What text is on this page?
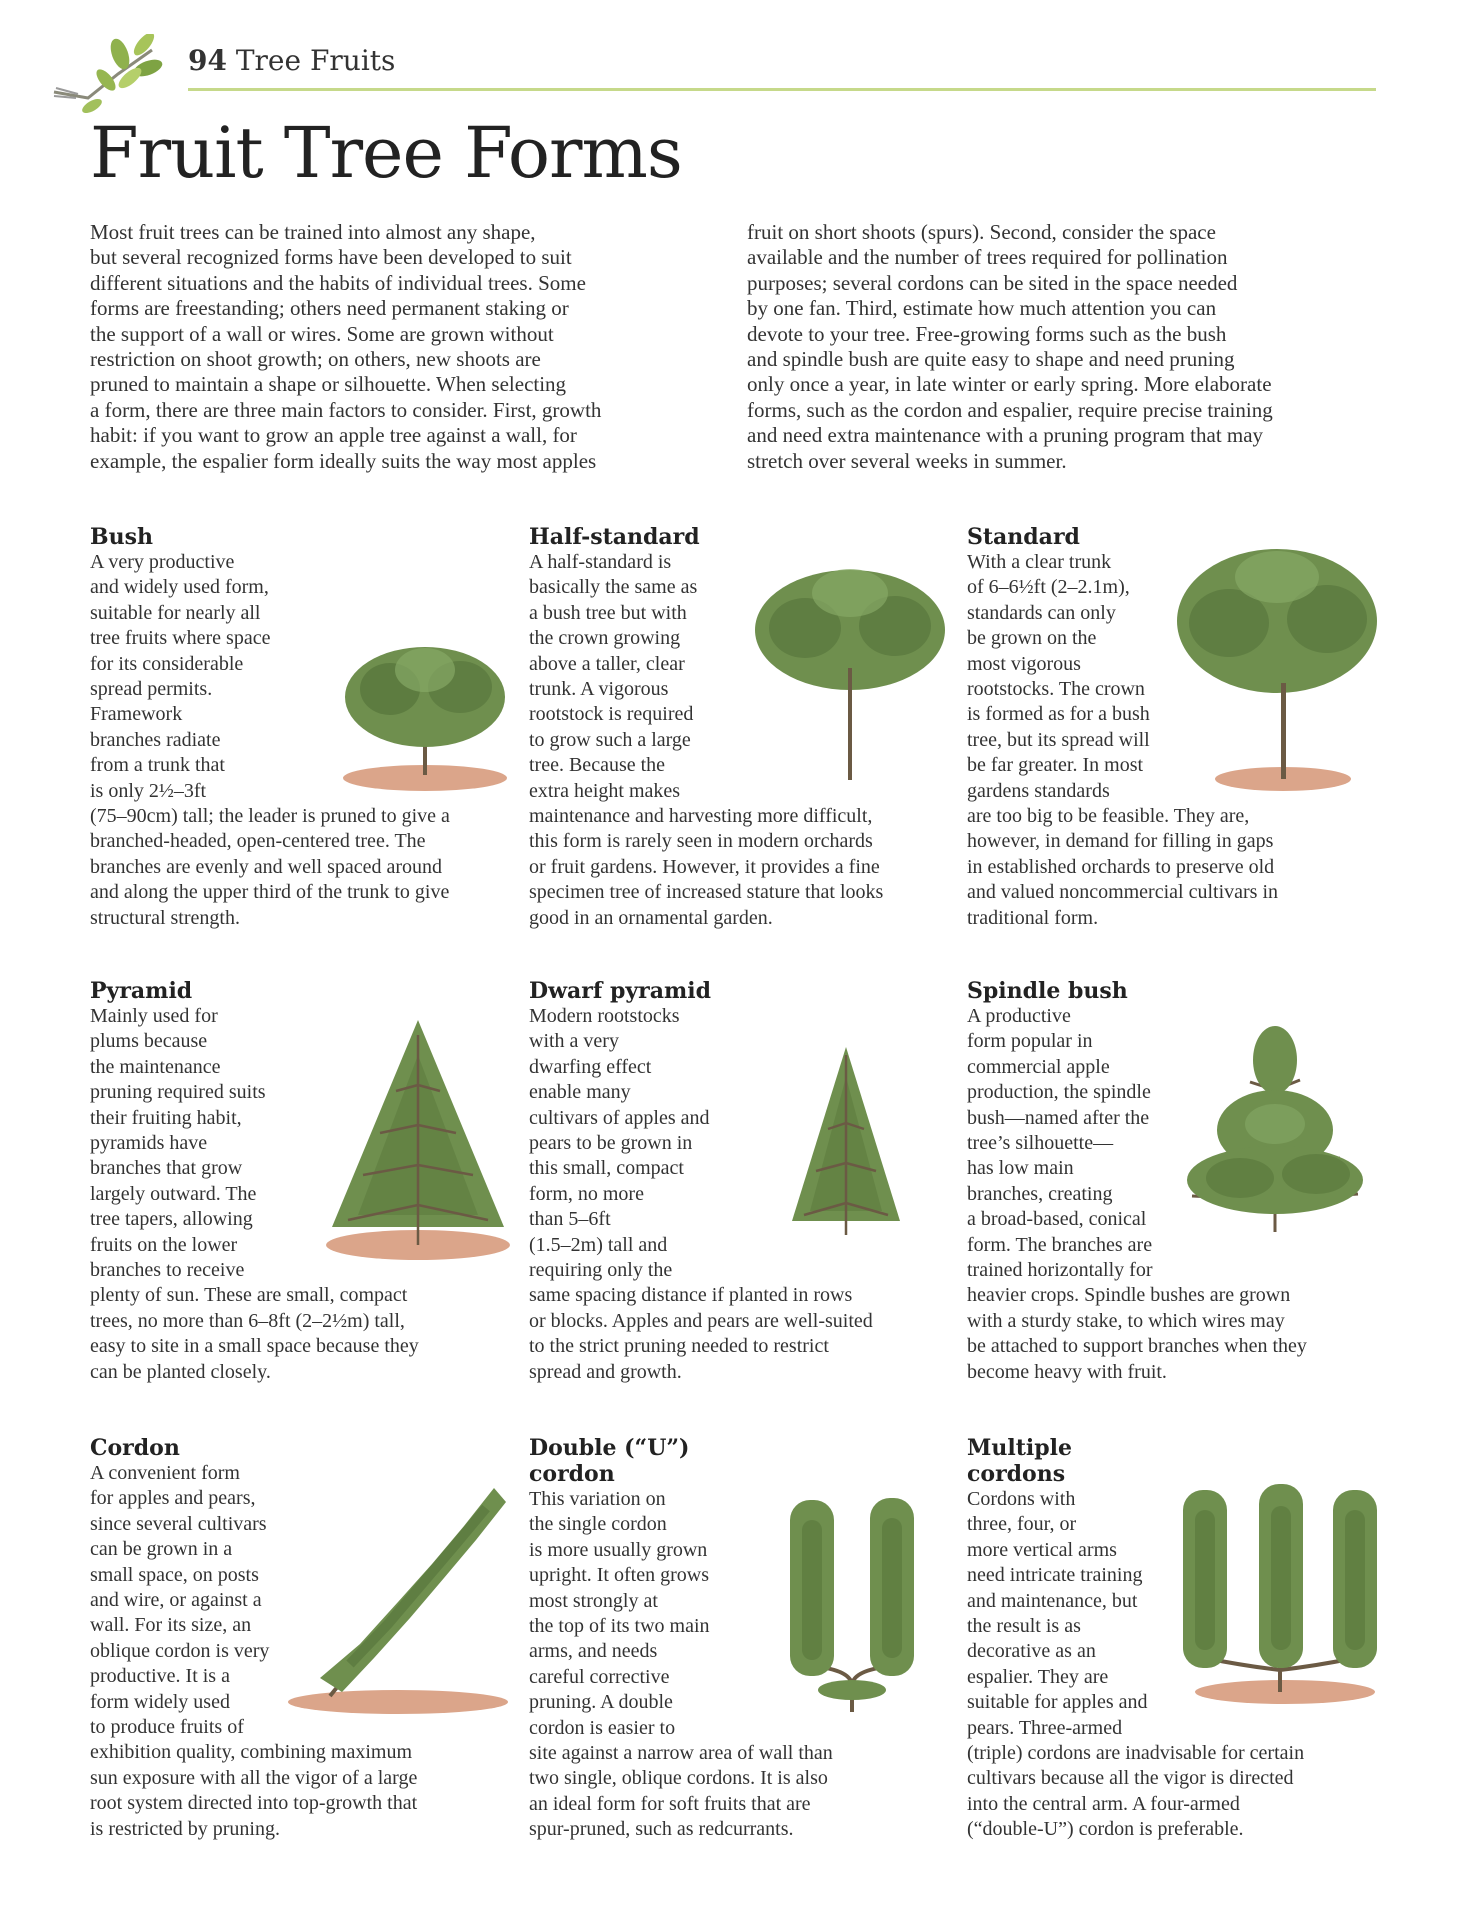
94 Tree Fruits
Fruit Tree Forms
Most fruit trees can be trained into almost any shape,
but several recognized forms have been developed to suit
different situations and the habits of individual trees. Some
forms are freestanding; others need permanent staking or
the support of a wall or wires. Some are grown without
restriction on shoot growth; on others, new shoots are
pruned to maintain a shape or silhouette. When selecting
a form, there are three main factors to consider. First, growth
habit: if you want to grow an apple tree against a wall, for
example, the espalier form ideally suits the way most apples
fruit on short shoots (spurs). Second, consider the space
available and the number of trees required for pollination
purposes; several cordons can be sited in the space needed
by one fan. Third, estimate how much attention you can
devote to your tree. Free-growing forms such as the bush
and spindle bush are quite easy to shape and need pruning
only once a year, in late winter or early spring. More elaborate
forms, such as the cordon and espalier, require precise training
and need extra maintenance with a pruning program that may
stretch over several weeks in summer.
Bush
A very productive
and widely used form,
suitable for nearly all
tree fruits where space
for its considerable
spread permits.
Framework
branches radiate
from a trunk that
is only 2½–3ft
(75–90cm) tall; the leader is pruned to give a
branched-headed, open-centered tree. The
branches are evenly and well spaced around
and along the upper third of the trunk to give
structural strength.
Half-standard
A half-standard is
basically the same as
a bush tree but with
the crown growing
above a taller, clear
trunk. A vigorous
rootstock is required
to grow such a large
tree. Because the
extra height makes
maintenance and harvesting more difficult,
this form is rarely seen in modern orchards
or fruit gardens. However, it provides a fine
specimen tree of increased stature that looks
good in an ornamental garden.
Standard
With a clear trunk
of 6–6½ft (2–2.1m),
standards can only
be grown on the
most vigorous
rootstocks. The crown
is formed as for a bush
tree, but its spread will
be far greater. In most
gardens standards
are too big to be feasible. They are,
however, in demand for filling in gaps
in established orchards to preserve old
and valued noncommercial cultivars in
traditional form.
Pyramid
Mainly used for
plums because
the maintenance
pruning required suits
their fruiting habit,
pyramids have
branches that grow
largely outward. The
tree tapers, allowing
fruits on the lower
branches to receive
plenty of sun. These are small, compact
trees, no more than 6–8ft (2–2½m) tall,
easy to site in a small space because they
can be planted closely.
Dwarf pyramid
Modern rootstocks
with a very
dwarfing effect
enable many
cultivars of apples and
pears to be grown in
this small, compact
form, no more
than 5–6ft
(1.5–2m) tall and
requiring only the
same spacing distance if planted in rows
or blocks. Apples and pears are well-suited
to the strict pruning needed to restrict
spread and growth.
Spindle bush
A productive
form popular in
commercial apple
production, the spindle
bush—named after the
tree’s silhouette—
has low main
branches, creating
a broad-based, conical
form. The branches are
trained horizontally for
heavier crops. Spindle bushes are grown
with a sturdy stake, to which wires may
be attached to support branches when they
become heavy with fruit.
Cordon
A convenient form
for apples and pears,
since several cultivars
can be grown in a
small space, on posts
and wire, or against a
wall. For its size, an
oblique cordon is very
productive. It is a
form widely used
to produce fruits of
exhibition quality, combining maximum
sun exposure with all the vigor of a large
root system directed into top-growth that
is restricted by pruning.
Double (“U”)
cordon
This variation on
the single cordon
is more usually grown
upright. It often grows
most strongly at
the top of its two main
arms, and needs
careful corrective
pruning. A double
cordon is easier to
site against a narrow area of wall than
two single, oblique cordons. It is also
an ideal form for soft fruits that are
spur-pruned, such as redcurrants.
Multiple
cordons
Cordons with
three, four, or
more vertical arms
need intricate training
and maintenance, but
the result is as
decorative as an
espalier. They are
suitable for apples and
pears. Three-armed
(triple) cordons are inadvisable for certain
cultivars because all the vigor is directed
into the central arm. A four-armed
(“double-U”) cordon is preferable.
